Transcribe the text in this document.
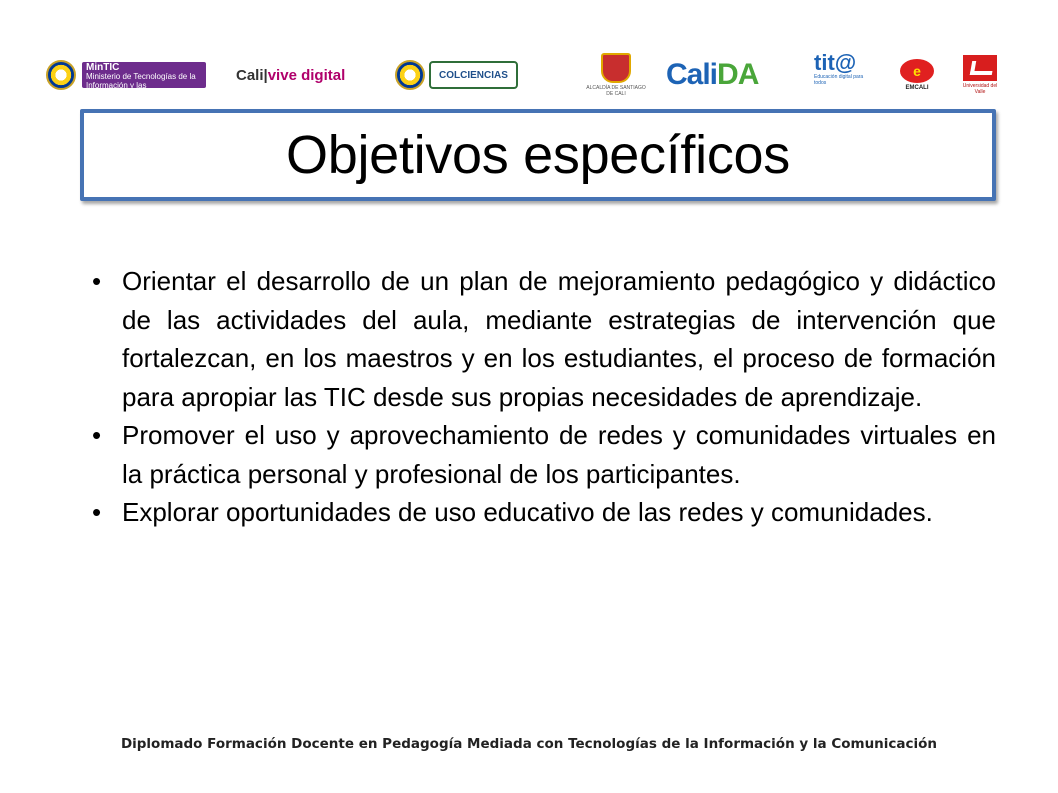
MinTIC
Ministerio de Tecnologías de la Información y las Comunicaciones
Cali| vive digital	COLCIENCIAS
ALCALDÍA DE SANTIAGO DE CALI
Cali DA	tit@
Educación digital para todos
e
EMCALI	Universidad del Valle
Objetivos específicos
• Orientar el desarrollo de un plan de mejoramiento pedagógico y didáctico de las actividades del aula, mediante estrategias de intervención que fortalezcan, en los maestros y en los estudiantes, el proceso de formación para apropiar las TIC desde sus propias necesidades de aprendizaje.
• Promover el uso y aprovechamiento de redes y comunidades virtuales en la práctica personal y profesional de los participantes.
• Explorar oportunidades de uso educativo de las redes y comunidades.
Diplomado Formación Docente en Pedagogía Mediada con Tecnologías de la Información y la Comunicación
